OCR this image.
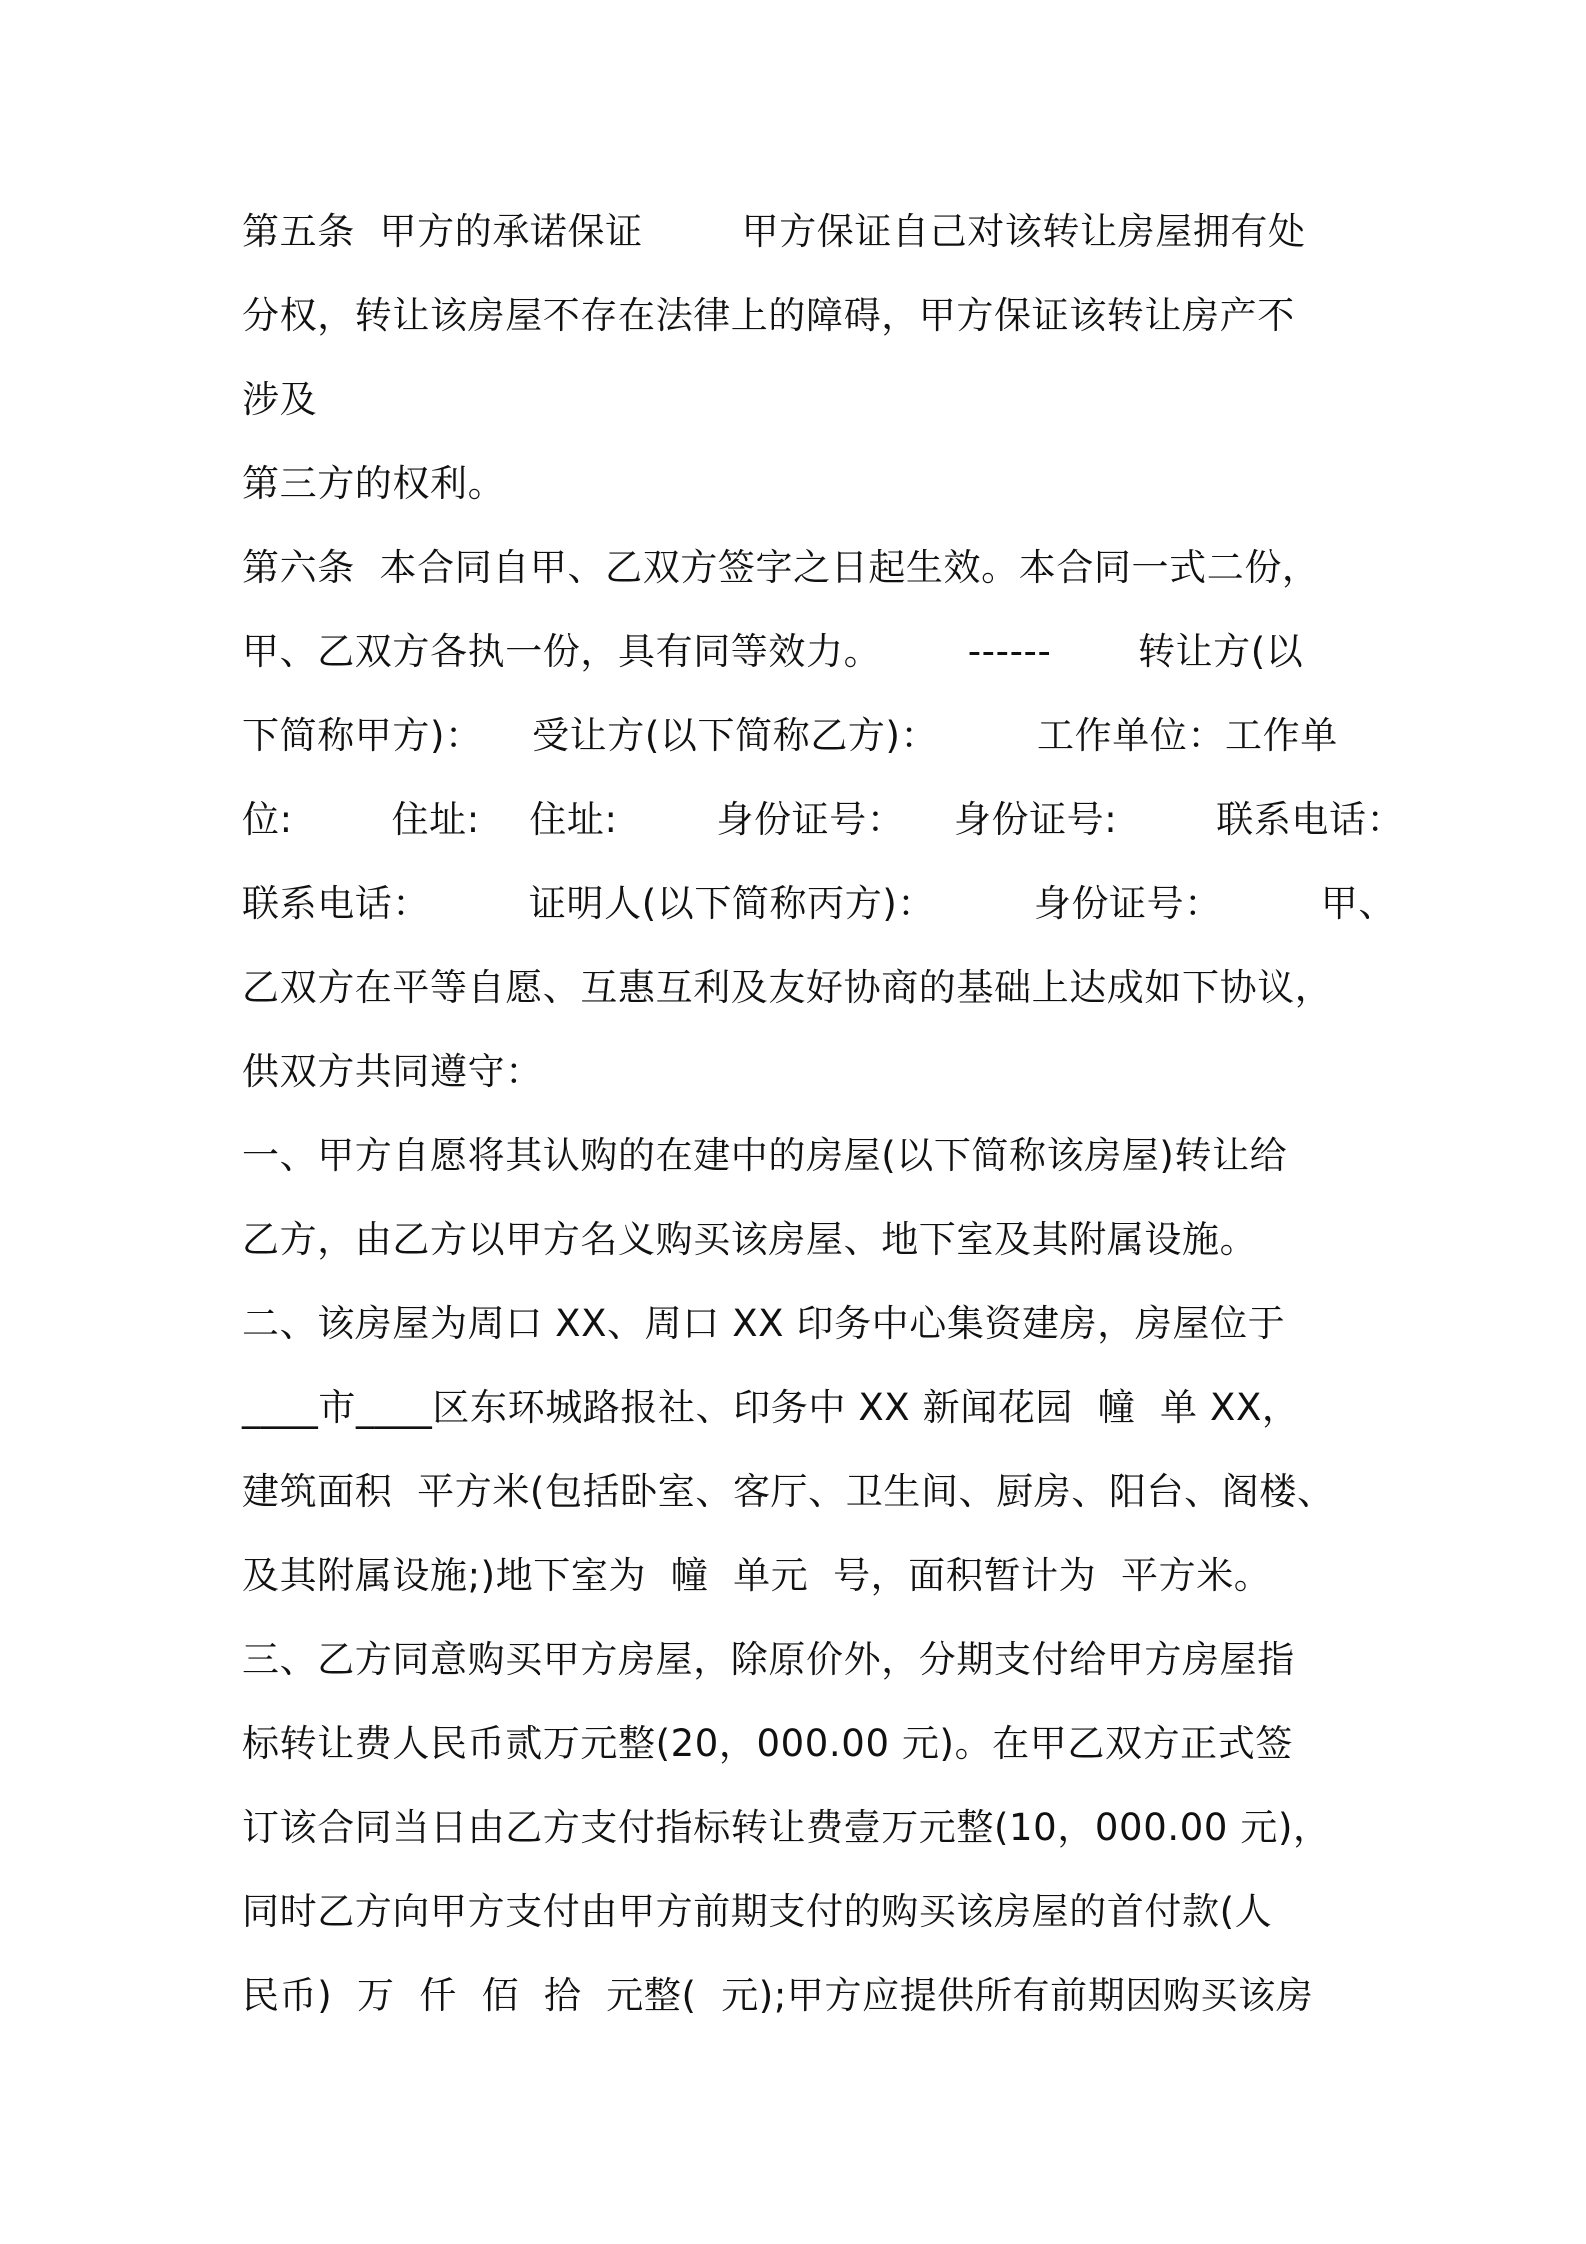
第五条  甲方的承诺保证        甲方保证自己对该转让房屋拥有处
分权，转让该房屋不存在法律上的障碍，甲方保证该转让房产不
涉及
第三方的权利。
第六条  本合同自甲、乙双方签字之日起生效。本合同一式二份，
甲、乙双方各执一份，具有同等效力。       ------       转让方(以
下简称甲方)：    受让方(以下简称乙方)：        工作单位：工作单
位:        住址:    住址:        身份证号：    身份证号:        联系电话：
联系电话：        证明人(以下简称丙方)：        身份证号：        甲、
乙双方在平等自愿、互惠互利及友好协商的基础上达成如下协议，
供双方共同遵守：
一、甲方自愿将其认购的在建中的房屋(以下简称该房屋)转让给
乙方，由乙方以甲方名义购买该房屋、地下室及其附属设施。
二、该房屋为周口 XX、周口 XX 印务中心集资建房，房屋位于
____市____区东环城路报社、印务中 XX 新闻花园  幢  单 XX，
建筑面积  平方米(包括卧室、客厅、卫生间、厨房、阳台、阁楼、
及其附属设施;)地下室为  幢  单元  号，面积暂计为  平方米。
三、乙方同意购买甲方房屋，除原价外，分期支付给甲方房屋指
标转让费人民币贰万元整(20，000.00 元)。在甲乙双方正式签
订该合同当日由乙方支付指标转让费壹万元整(10，000.00 元)，
同时乙方向甲方支付由甲方前期支付的购买该房屋的首付款(人
民币)  万  仟  佰  拾  元整(  元);甲方应提供所有前期因购买该房
